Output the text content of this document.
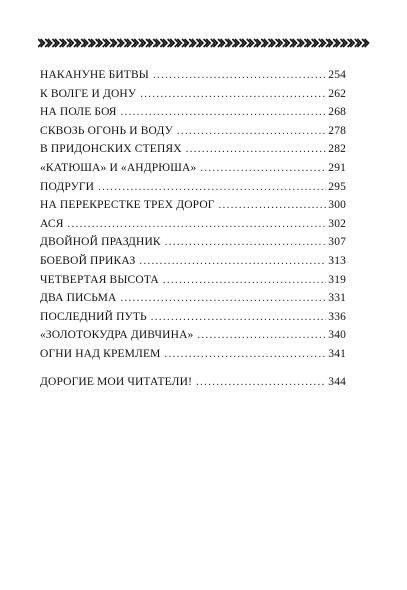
НАКАНУНЕ БИТВЫ . . .	254
К ВОЛГЕ И ДОНУ . . .	262
НА ПОЛЕ БОЯ . . .	268
СКВОЗЬ ОГОНЬ И ВОДУ . . .	278
В ПРИДОНСКИХ СТЕПЯХ . . .	282
«КАТЮША» И «АНДРЮША» . . .	291
ПОДРУГИ . . .	295
НА ПЕРЕКРЕСТКЕ ТРЕХ ДОРОГ . . .	300
АСЯ . . .	302
ДВОЙНОЙ ПРАЗДНИК . . .	307
БОЕВОЙ ПРИКАЗ . . .	313
ЧЕТВЕРТАЯ ВЫСОТА . . .	319
ДВА ПИСЬМА . . .	331
ПОСЛЕДНИЙ ПУТЬ . . .	336
«ЗОЛОТОКУДРА ДИВЧИНА» . . .	340
ОГНИ НАД КРЕМЛЕМ . . .	341
ДОРОГИЕ МОИ ЧИТАТЕЛИ! . . .	344
